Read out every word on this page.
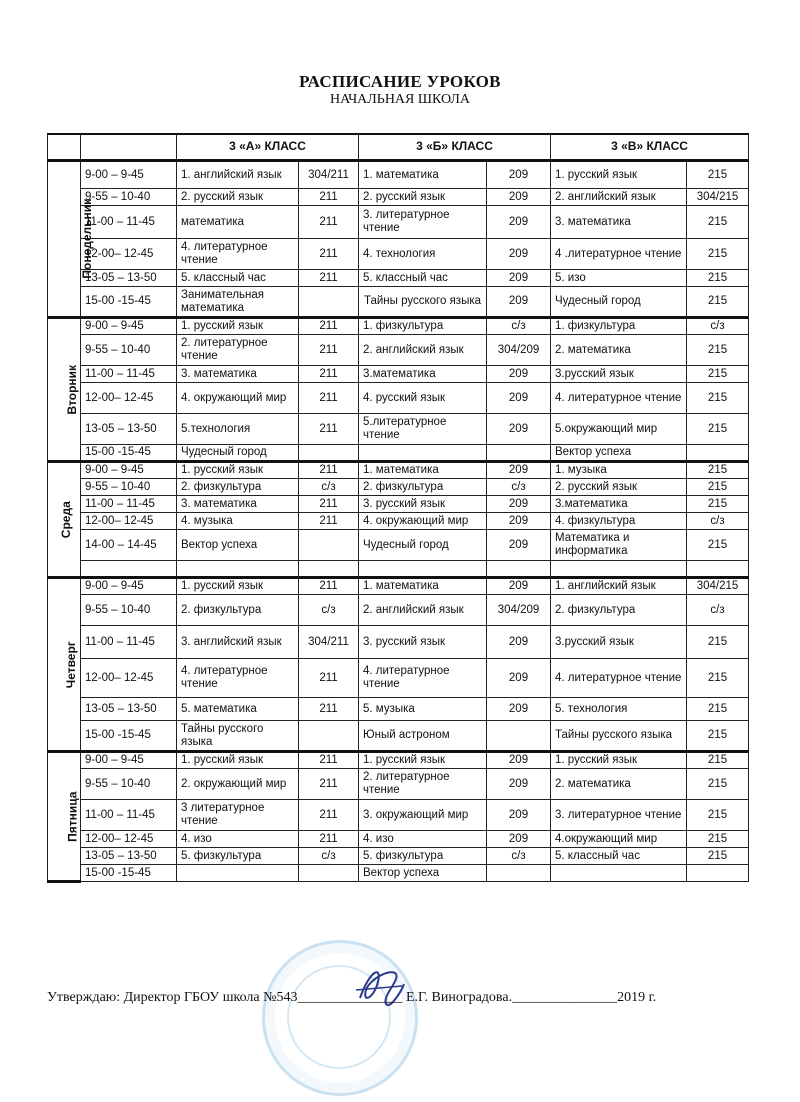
РАСПИСАНИЕ УРОКОВ
НАЧАЛЬНАЯ ШКОЛА
		3 «А» КЛАСС		3 «Б» КЛАСС		3 «В» КЛАСС	
Понедельник	9-00 – 9-45	1. английский язык	304/211	1. математика	209	1. русский язык	215
	9-55 – 10-40	2. русский язык	211	2. русский язык	209	2. английский язык	304/215
	11-00 – 11-45	математика	211	3. литературное чтение	209	3. математика	215
	12-00– 12-45	4. литературное чтение	211	4. технология	209	4 .литературное чтение	215
	13-05 – 13-50	5. классный час	211	5. классный час	209	5. изо	215
	15-00 -15-45	Занимательная математика		Тайны русского языка	209	Чудесный город	215
Вторник	9-00 – 9-45	1. русский язык	211	1. физкультура	с/з	1. физкультура	с/з
	9-55 – 10-40	2. литературное чтение	211	2. английский язык	304/209	2. математика	215
	11-00 – 11-45	3. математика	211	3.математика	209	3.русский язык	215
	12-00– 12-45	4. окружающий мир	211	4. русский язык	209	4. литературное чтение	215
	13-05 – 13-50	5.технология	211	5.литературное чтение	209	5.окружающий мир	215
	15-00 -15-45	Чудесный город				Вектор успеха	
Среда	9-00 – 9-45	1. русский язык	211	1. математика	209	1. музыка	215
	9-55 – 10-40	2. физкультура	с/з	2. физкультура	с/з	2. русский язык	215
	11-00 – 11-45	3. математика	211	3. русский язык	209	3.математика	215
	12-00– 12-45	4. музыка	211	4. окружающий мир	209	4. физкультура	с/з
	14-00 – 14-45	Вектор успеха		Чудесный город	209	Математика и информатика	215

Четверг	9-00 – 9-45	1. русский язык	211	1. математика	209	1. английский язык	304/215
	9-55 – 10-40	2. физкультура	с/з	2. английский язык	304/209	2. физкультура	с/з
	11-00 – 11-45	3. английский язык	304/211	3. русский язык	209	3.русский язык	215
	12-00– 12-45	4. литературное чтение	211	4. литературное чтение	209	4. литературное чтение	215
	13-05 – 13-50	5. математика	211	5. музыка	209	5. технология	215
	15-00 -15-45	Тайны русского языка		Юный астроном		Тайны русского языка	215
Пятница	9-00 – 9-45	1. русский язык	211	1. русский язык	209	1. русский язык	215
	9-55 – 10-40	2. окружающий мир	211	2. литературное чтение	209	2. математика	215
	11-00 – 11-45	3 литературное чтение	211	3. окружающий мир	209	3. литературное чтение	215
	12-00– 12-45	4. изо	211	4. изо	209	4.окружающий мир	215
	13-05 – 13-50	5. физкультура	с/з	5. физкультура	с/з	5. классный час	215
	15-00 -15-45			Вектор успеха			
Утверждаю: Директор ГБОУ школа №543_______________ Е.Г. Виноградова._______________2019 г.
